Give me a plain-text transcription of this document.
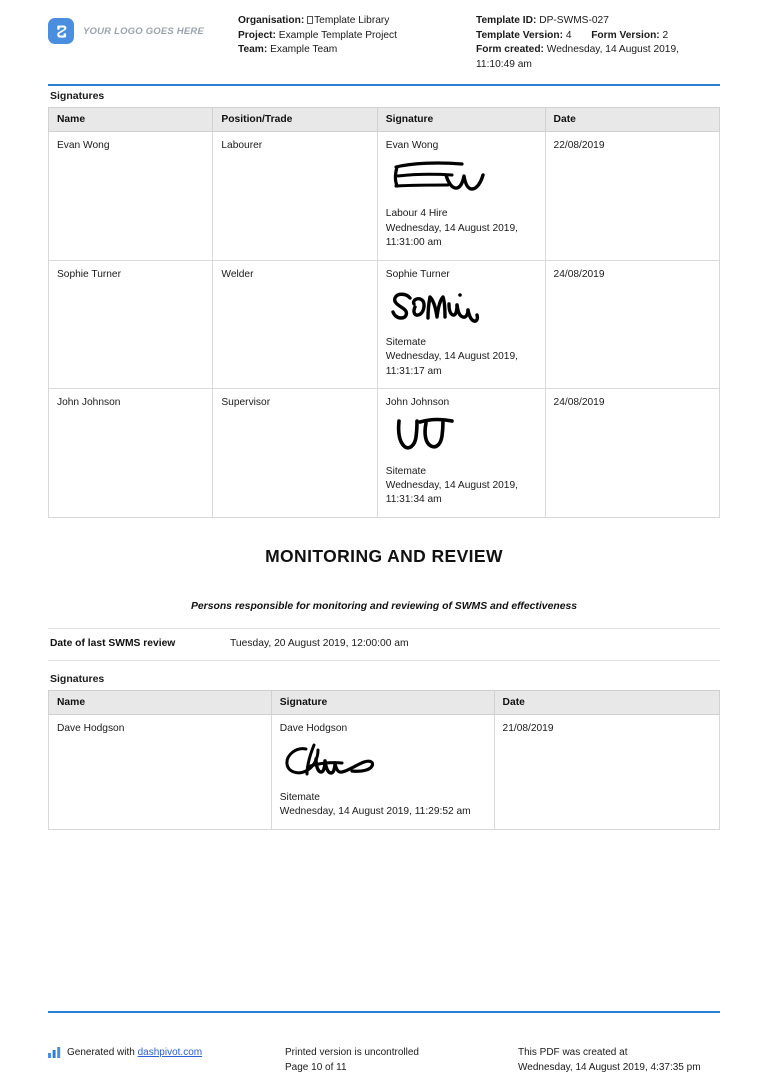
YOUR LOGO GOES HERE
Organisation: Template Library
Project: Example Template Project
Team: Example Team
Template ID: DP-SWMS-027
Template Version: 4 Form Version: 2
Form created: Wednesday, 14 August 2019, 11:10:49 am
Signatures
Name	Position/Trade	Signature	Date
Evan Wong	Labourer	Evan Wong
Labour 4 Hire
Wednesday, 14 August 2019, 11:31:00 am	22/08/2019
Sophie Turner	Welder	Sophie Turner
Sitemate
Wednesday, 14 August 2019, 11:31:17 am	24/08/2019
John Johnson	Supervisor	John Johnson
Sitemate
Wednesday, 14 August 2019, 11:31:34 am	24/08/2019
MONITORING AND REVIEW
Persons responsible for monitoring and reviewing of SWMS and effectiveness
Date of last SWMS review	Tuesday, 20 August 2019, 12:00:00 am
Signatures
Name	Signature	Date
Dave Hodgson	Dave Hodgson
Sitemate
Wednesday, 14 August 2019, 11:29:52 am	21/08/2019
Generated with dashpivot.com	Printed version is uncontrolled
Page 10 of 11
This PDF was created at
Wednesday, 14 August 2019, 4:37:35 pm
